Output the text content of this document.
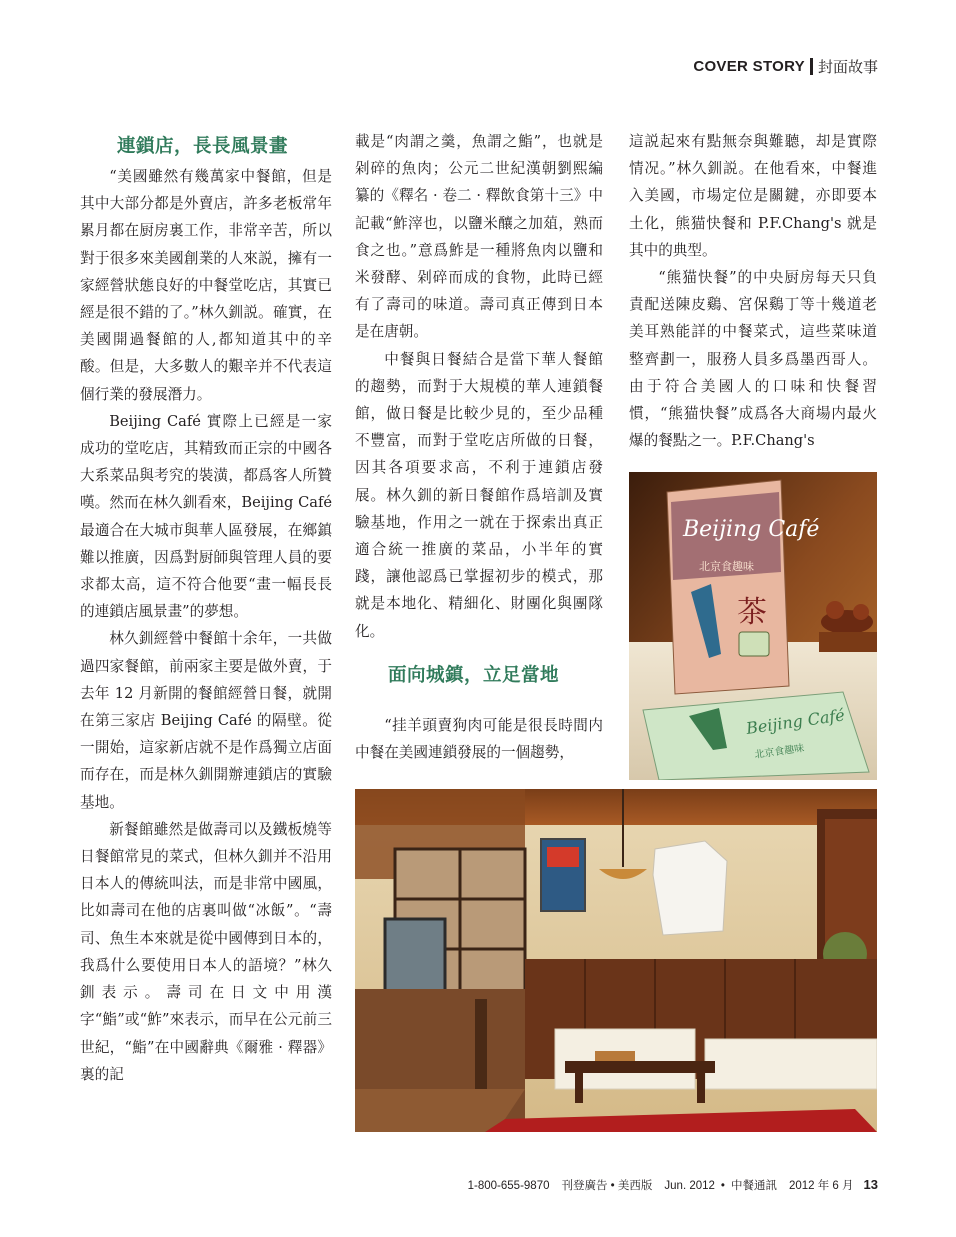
COVER STORY 封面故事
連鎖店，長長風景畫

“美國雖然有幾萬家中餐館，但是其中大部分都是外賣店，許多老板常年累月都在厨房裏工作，非常辛苦，所以對于很多來美國創業的人來説，擁有一家經營狀態良好的中餐堂吃店，其實已經是很不錯的了。”林久釧説。確實，在美國開過餐館的人,都知道其中的辛酸。但是，大多數人的艱辛并不代表這個行業的發展潛力。

Beijing Café 實際上已經是一家成功的堂吃店，其精致而正宗的中國各大系菜品與考究的裝潢，都爲客人所贊嘆。然而在林久釧看來，Beijing Café 最適合在大城市與華人區發展，在鄉鎮難以推廣，因爲對厨師與管理人員的要求都太高，這不符合他要“畫一幅長長的連鎖店風景畫”的夢想。

林久釧經營中餐館十余年，一共做過四家餐館，前兩家主要是做外賣，于去年 12 月新開的餐館經營日餐，就開在第三家店 Beijing Café 的隔壁。從一開始，這家新店就不是作爲獨立店面而存在，而是林久釧開辦連鎖店的實驗基地。

新餐館雖然是做壽司以及鐵板燒等日餐館常見的菜式，但林久釧并不沿用日本人的傳統叫法，而是非常中國風，比如壽司在他的店裏叫做“冰飯”。“壽司、魚生本來就是從中國傳到日本的，我爲什么要使用日本人的語境？”林久釧表示。壽司在日文中用漢字“鮨”或“鮓”來表示，而早在公元前三世紀，“鮨”在中國辭典《爾雅 · 釋器》裏的記

載是“肉謂之羹，魚謂之鮨”，也就是剁碎的魚肉；公元二世紀漢朝劉熙編纂的《釋名 · 卷二 · 釋飲食第十三》中記載“鮓滓也，以鹽米釀之加葅，熟而食之也。”意爲鮓是一種將魚肉以鹽和米發酵、剁碎而成的食物，此時已經有了壽司的味道。壽司真正傳到日本是在唐朝。

中餐與日餐結合是當下華人餐館的趨勢，而對于大規模的華人連鎖餐館，做日餐是比較少見的，至少品種不豐富，而對于堂吃店所做的日餐，因其各項要求高，不利于連鎖店發展。林久釧的新日餐館作爲培訓及實驗基地，作用之一就在于探索出真正適合統一推廣的菜品，小半年的實踐，讓他認爲已掌握初步的模式，那就是本地化、精細化、財團化與團隊化。

面向城鎮，立足當地

“挂羊頭賣狗肉可能是很長時間内中餐在美國連鎖發展的一個趨勢，

這説起來有點無奈與難聽，却是實際情况。”林久釧説。在他看來，中餐進入美國，市場定位是關鍵，亦即要本土化，熊猫快餐和 P.F.Chang's 就是其中的典型。

“熊猫快餐”的中央厨房每天只負責配送陳皮鷄、宮保鷄丁等十幾道老美耳熟能詳的中餐菜式，這些菜味道整齊劃一，服務人員多爲墨西哥人。由于符合美國人的口味和快餐習慣，“熊猫快餐”成爲各大商場内最火爆的餐點之一。P.F.Chang's

Beijing Café
北京食趣味
茶
Beijing Café
北京食趣味
1-800-655-9870 刊登廣告 • 美西版 Jun. 2012 • 中餐通訊 2012 年 6 月 13
